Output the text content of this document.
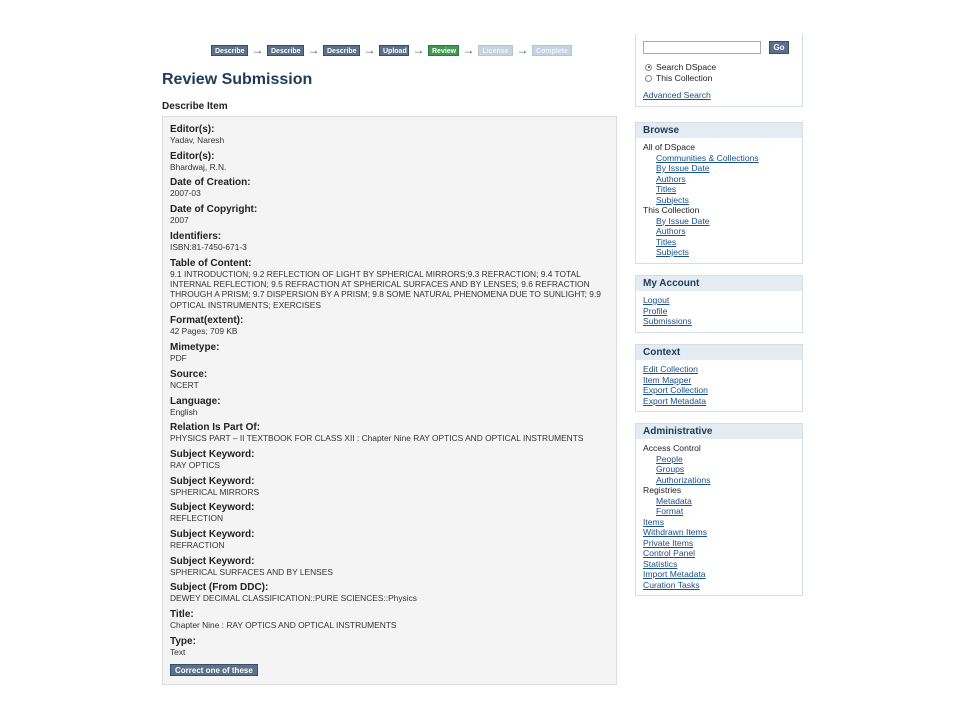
Describe →	Describe →	Describe →	Upload →	Review →	License →	Complete
Review Submission
Describe Item
Editor(s):
Yadav, Naresh
Editor(s):
Bhardwaj, R.N.
Date of Creation:
2007-03
Date of Copyright:
2007
Identifiers:
ISBN:81-7450-671-3
Table of Content:
9.1 INTRODUCTION; 9.2 REFLECTION OF LIGHT BY SPHERICAL MIRRORS;9.3 REFRACTION; 9.4 TOTAL INTERNAL REFLECTION; 9.5 REFRACTION AT SPHERICAL SURFACES AND BY LENSES; 9.6 REFRACTION THROUGH A PRISM; 9.7 DISPERSION BY A PRISM; 9.8 SOME NATURAL PHENOMENA DUE TO SUNLIGHT; 9.9 OPTICAL INSTRUMENTS; EXERCISES
Format(extent):
42 Pages; 709 KB
Mimetype:
PDF
Source:
NCERT
Language:
English
Relation Is Part Of:
PHYSICS PART – II TEXTBOOK FOR CLASS XII : Chapter Nine RAY OPTICS AND OPTICAL INSTRUMENTS
Subject Keyword:
RAY OPTICS
Subject Keyword:
SPHERICAL MIRRORS
Subject Keyword:
REFLECTION
Subject Keyword:
REFRACTION
Subject Keyword:
SPHERICAL SURFACES AND BY LENSES
Subject (From DDC):
DEWEY DECIMAL CLASSIFICATION::PURE SCIENCES::Physics
Title:
Chapter Nine : RAY OPTICS AND OPTICAL INSTRUMENTS
Type:
Text
Correct one of these
Go
Search DSpace
This Collection
Advanced Search
Browse
All of DSpace
Communities & Collections
By Issue Date
Authors
Titles
Subjects
This Collection
By Issue Date
Authors
Titles
Subjects
My Account
Logout
Profile
Submissions
Context
Edit Collection
Item Mapper
Export Collection
Export Metadata
Administrative
Access Control
People
Groups
Authorizations
Registries
Metadata
Format
Items
Withdrawn Items
Private Items
Control Panel
Statistics
Import Metadata
Curation Tasks
